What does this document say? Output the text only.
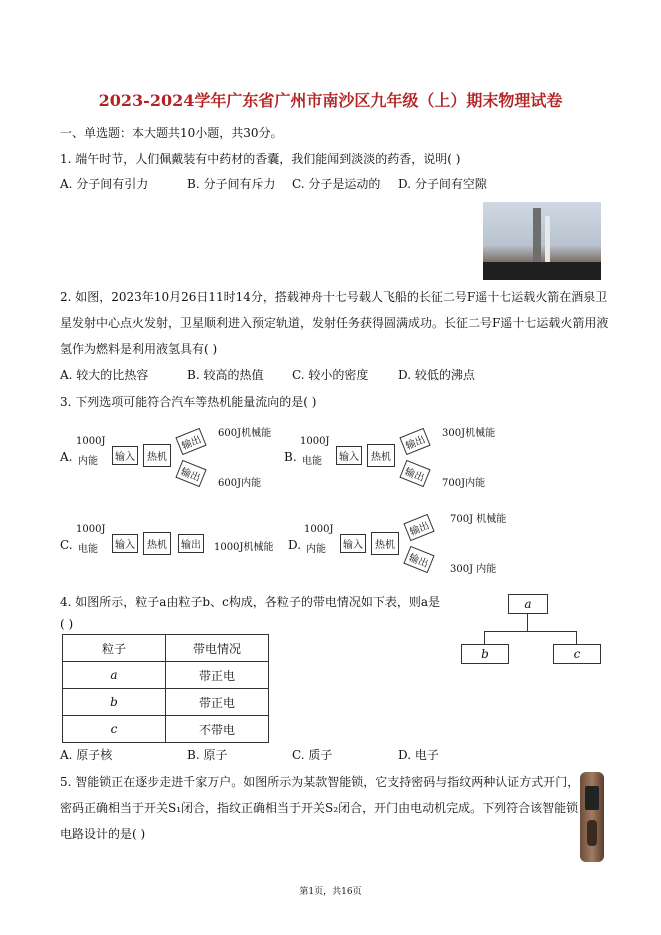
2023-2024学年广东省广州市南沙区九年级（上）期末物理试卷
一、单选题：本大题共10小题，共30分。
1. 端午时节，人们佩戴装有中药材的香囊，我们能闻到淡淡的药香，说明( )
A. 分子间有引力	B. 分子间有斥力 C. 分子是运动的 D. 分子间有空隙
2. 如图，2023年10月26日11时14分，搭载神舟十七号载人飞船的长征二号F遥十七运载火箭在酒泉卫
星发射中心点火发射，卫星顺利进入预定轨道，发射任务获得圆满成功。长征二号F遥十七运载火箭用液
氢作为燃料是利用液氢具有( )
A. 较大的比热容	B. 较高的热值 C. 较小的密度 D. 较低的沸点
3. 下列选项可能符合汽车等热机能量流向的是( )
A.
1000J
内能	输入	热机
输出
输出
600J机械能
600J内能
B.
1000J
电能	输入	热机
输出
输出
300J机械能
700J内能
C.
1000J
电能	输入	热机	输出	1000J机械能 D.
1000J
内能	输入	热机
输出
输出
700J 机械能
300J 内能
4. 如图所示，粒子a由粒子b、c构成，各粒子的带电情况如下表，则a是
( )
粒子	带电情况
a	带正电
b	带正电
c	不带电
a
b	c
A. 原子核	B. 原子	C. 质子	D. 电子
5. 智能锁正在逐步走进千家万户。如图所示为某款智能锁，它支持密码与指纹两种认证方式开门，
密码正确相当于开关S₁闭合，指纹正确相当于开关S₂闭合，开门由电动机完成。下列符合该智能锁
电路设计的是( )
第1页，共16页
